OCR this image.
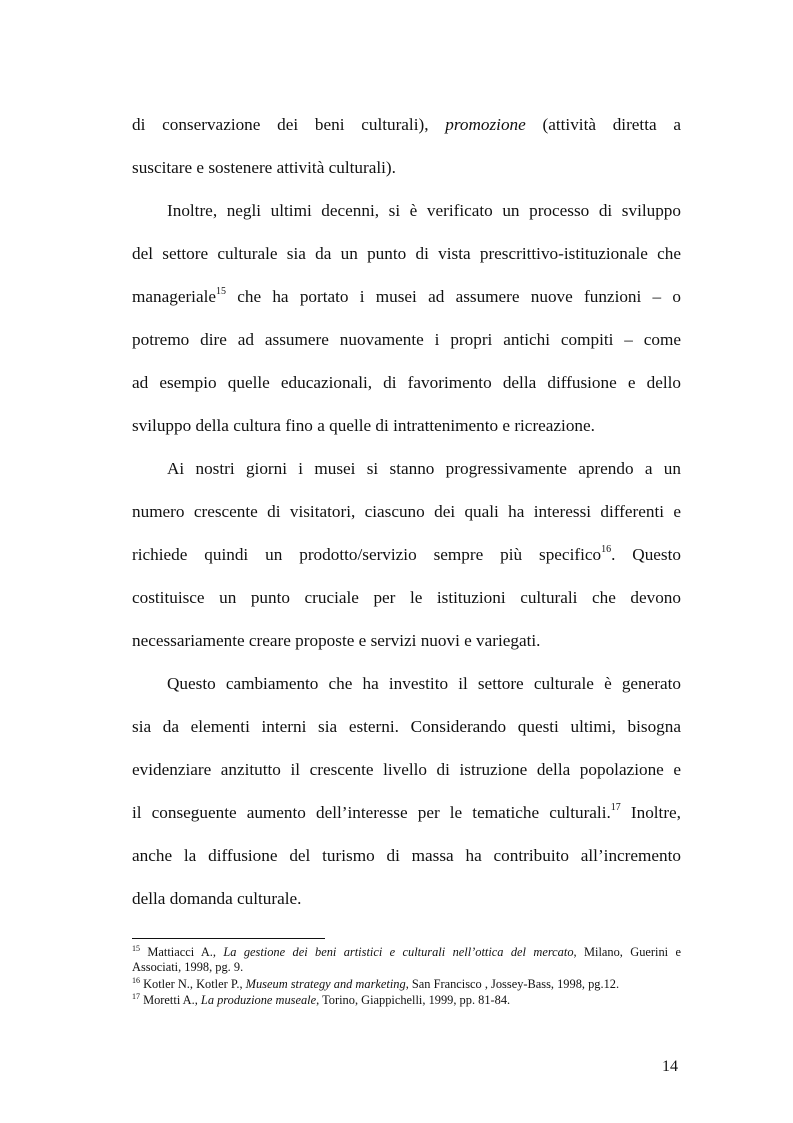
di conservazione dei beni culturali), promozione (attività diretta a
suscitare e sostenere attività culturali).
Inoltre, negli ultimi decenni, si è verificato un processo di sviluppo
del settore culturale sia da un punto di vista prescrittivo-istituzionale che
manageriale$^{15}$ che ha portato i musei ad assumere nuove funzioni – o
potremo dire ad assumere nuovamente i propri antichi compiti – come
ad esempio quelle educazionali, di favorimento della diffusione e dello
sviluppo della cultura fino a quelle di intrattenimento e ricreazione.
Ai nostri giorni i musei si stanno progressivamente aprendo a un
numero crescente di visitatori, ciascuno dei quali ha interessi differenti e
richiede quindi un prodotto/servizio sempre più specifico$^{16}$. Questo
costituisce un punto cruciale per le istituzioni culturali che devono
necessariamente creare proposte e servizi nuovi e variegati.
Questo cambiamento che ha investito il settore culturale è generato
sia da elementi interni sia esterni. Considerando questi ultimi, bisogna
evidenziare anzitutto il crescente livello di istruzione della popolazione e
il conseguente aumento dell’interesse per le tematiche culturali.$^{17}$ Inoltre,
anche la diffusione del turismo di massa ha contribuito all’incremento
della domanda culturale.
$^{15}$ Mattiacci A., La gestione dei beni artistici e culturali nell’ottica del mercato, Milano, Guerini e
Associati, 1998, pg. 9.
$^{16}$ Kotler N., Kotler P., Museum strategy and marketing, San Francisco , Jossey-Bass, 1998, pg.12.
$^{17}$ Moretti A., La produzione museale, Torino, Giappichelli, 1999, pp. 81-84.
14
